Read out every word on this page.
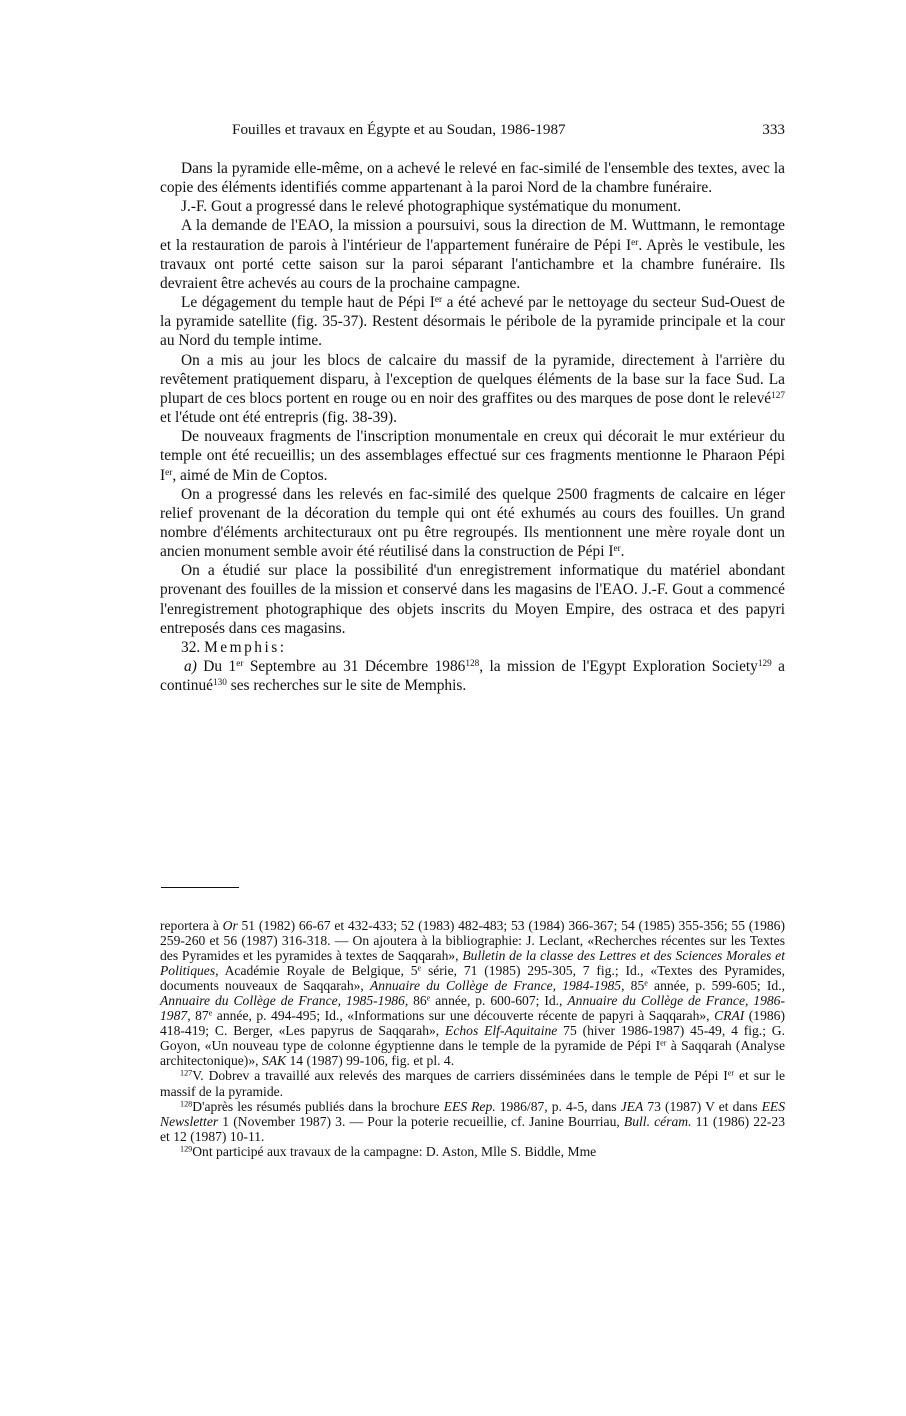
Fouilles et travaux en Égypte et au Soudan, 1986-1987	333

Dans la pyramide elle-même, on a achevé le relevé en fac-similé de l'ensemble des textes, avec la copie des éléments identifiés comme appartenant à la paroi Nord de la chambre funéraire.

J.-F. Gout a progressé dans le relevé photographique systématique du monument.

A la demande de l'EAO, la mission a poursuivi, sous la direction de M. Wuttmann, le remontage et la restauration de parois à l'intérieur de l'appartement funéraire de Pépi Ier. Après le vestibule, les travaux ont porté cette saison sur la paroi séparant l'antichambre et la chambre funéraire. Ils devraient être achevés au cours de la prochaine campagne.

Le dégagement du temple haut de Pépi Ier a été achevé par le nettoyage du secteur Sud-Ouest de la pyramide satellite (fig. 35-37). Restent désormais le péribole de la pyramide principale et la cour au Nord du temple intime.

On a mis au jour les blocs de calcaire du massif de la pyramide, directement à l'arrière du revêtement pratiquement disparu, à l'exception de quelques éléments de la base sur la face Sud. La plupart de ces blocs portent en rouge ou en noir des graffites ou des marques de pose dont le relevé$^{127}$ et l'étude ont été entrepris (fig. 38-39).

De nouveaux fragments de l'inscription monumentale en creux qui décorait le mur extérieur du temple ont été recueillis; un des assemblages effectué sur ces fragments mentionne le Pharaon Pépi Ier, aimé de Min de Coptos.

On a progressé dans les relevés en fac-similé des quelque 2500 fragments de calcaire en léger relief provenant de la décoration du temple qui ont été exhumés au cours des fouilles. Un grand nombre d'éléments architecturaux ont pu être regroupés. Ils mentionnent une mère royale dont un ancien monument semble avoir été réutilisé dans la construction de Pépi Ier.

On a étudié sur place la possibilité d'un enregistrement informatique du matériel abondant provenant des fouilles de la mission et conservé dans les magasins de l'EAO. J.-F. Gout a commencé l'enregistrement photographique des objets inscrits du Moyen Empire, des ostraca et des papyri entreposés dans ces magasins.

32. Memphis:

a) Du 1er Septembre au 31 Décembre 1986$^{128}$, la mission de l'Egypt Exploration Society$^{129}$ a continué$^{130}$ ses recherches sur le site de Memphis.

reportera à Or 51 (1982) 66-67 et 432-433; 52 (1983) 482-483; 53 (1984) 366-367; 54 (1985) 355-356; 55 (1986) 259-260 et 56 (1987) 316-318. — On ajoutera à la bibliographie: J. Leclant, «Recherches récentes sur les Textes des Pyramides et les pyramides à textes de Saqqarah», Bulletin de la classe des Lettres et des Sciences Morales et Politiques, Académie Royale de Belgique, 5e série, 71 (1985) 295-305, 7 fig.; Id., «Textes des Pyramides, documents nouveaux de Saqqarah», Annuaire du Collège de France, 1984-1985, 85e année, p. 599-605; Id., Annuaire du Collège de France, 1985-1986, 86e année, p. 600-607; Id., Annuaire du Collège de France, 1986-1987, 87e année, p. 494-495; Id., «Informations sur une découverte récente de papyri à Saqqarah», CRAI (1986) 418-419; C. Berger, «Les papyrus de Saqqarah», Echos Elf-Aquitaine 75 (hiver 1986-1987) 45-49, 4 fig.; G. Goyon, «Un nouveau type de colonne égyptienne dans le temple de la pyramide de Pépi Ier à Saqqarah (Analyse architectonique)», SAK 14 (1987) 99-106, fig. et pl. 4.

$^{127}$V. Dobrev a travaillé aux relevés des marques de carriers disséminées dans le temple de Pépi Ier et sur le massif de la pyramide.

$^{128}$D'après les résumés publiés dans la brochure EES Rep. 1986/87, p. 4-5, dans JEA 73 (1987) V et dans EES Newsletter 1 (November 1987) 3. — Pour la poterie recueillie, cf. Janine Bourriau, Bull. céram. 11 (1986) 22-23 et 12 (1987) 10-11.

$^{129}$Ont participé aux travaux de la campagne: D. Aston, Mlle S. Biddle, Mme
